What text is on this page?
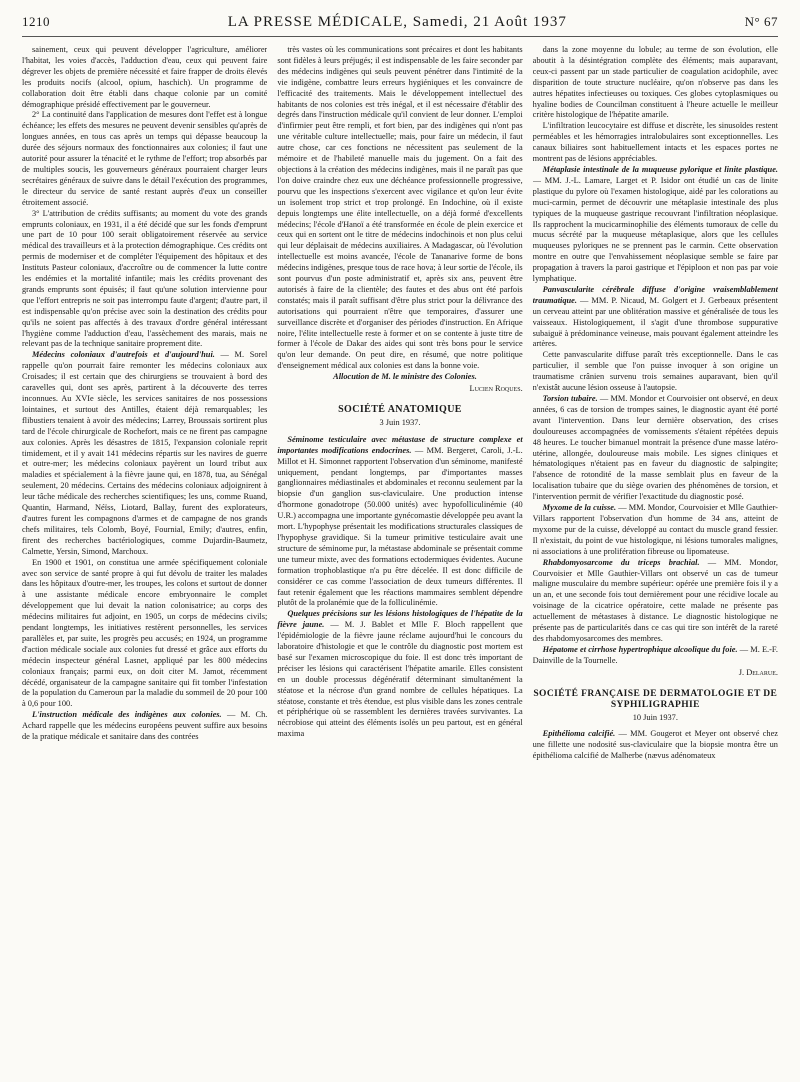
1210	LA PRESSE MÉDICALE, Samedi, 21 Août 1937	N° 67

sainement, ceux qui peuvent développer l'agriculture, améliorer l'habitat, les voies d'accès, l'adduction d'eau, ceux qui peuvent faire dégrever les objets de première nécessité et faire frapper de droits élevés les produits nocifs (alcool, opium, haschich). Un programme de collaboration doit être établi dans chaque colonie par un comité démographique présidé effectivement par le gouverneur.

2° La continuité dans l'application de mesures dont l'effet est à longue échéance; les effets des mesures ne peuvent devenir sensibles qu'après de longues années, en tous cas après un temps qui dépasse beaucoup la durée des séjours normaux des fonctionnaires aux colonies; il faut une autorité pour assurer la ténacité et le rythme de l'effort; trop absorbés par de multiples soucis, les gouverneurs généraux pourraient charger leurs secrétaires généraux de suivre dans le détail l'exécution des programmes, le directeur du service de santé restant auprès d'eux un conseiller étroitement associé.

3° L'attribution de crédits suffisants; au moment du vote des grands emprunts coloniaux, en 1931, il a été décidé que sur les fonds d'emprunt une part de 10 pour 100 serait obligatoirement réservée au service médical des travailleurs et à la protection démographique. Ces crédits ont permis de moderniser et de compléter l'équipement des hôpitaux et des Instituts Pasteur coloniaux, d'accroître ou de commencer la lutte contre les endémies et la mortalité infantile; mais les crédits provenant des grands emprunts sont épuisés; il faut qu'une solution intervienne pour que l'effort entrepris ne soit pas interrompu faute d'argent; d'autre part, il est indispensable qu'on précise avec soin la destination des crédits pour qu'ils ne soient pas affectés à des travaux d'ordre général intéressant l'hygiène comme l'adduction d'eau, l'assèchement des marais, mais ne relevant pas de la technique sanitaire proprement dite.

Médecins coloniaux d'autrefois et d'aujourd'hui. — M. Sorel rappelle qu'on pourrait faire remonter les médecins coloniaux aux Croisades; il est certain que des chirurgiens se trouvaient à bord des caravelles qui, dont ses après, partirent à la découverte des terres inconnues. Au XVIe siècle, les services sanitaires de nos possessions lointaines, et surtout des Antilles, étaient déjà remarquables; les flibustiers tenaient à avoir des médecins; Larrey, Broussais sortirent plus tard de l'école chirurgicale de Rochefort, mais ce ne firent pas campagne aux colonies. Après les désastres de 1815, l'expansion coloniale reprit timidement, et il y avait 141 médecins répartis sur les navires de guerre et outre-mer; les médecins coloniaux payèrent un lourd tribut aux maladies et spécialement à la fièvre jaune qui, en 1878, tua, au Sénégal seulement, 20 médecins. Certains des médecins coloniaux adjoignirent à leur tâche médicale des recherches scientifiques; les uns, comme Ruand, Quantin, Harmand, Néïss, Liotard, Ballay, furent des explorateurs, d'autres furent les compagnons d'armes et de campagne de nos grands chefs militaires, tels Colomb, Boyé, Fournial, Emily; d'autres, enfin, firent des recherches bactériologiques, comme Dujardin-Baumetz, Calmette, Yersin, Simond, Marchoux.

En 1900 et 1901, on constitua une armée spécifiquement coloniale avec son service de santé propre à qui fut dévolu de traiter les malades dans les hôpitaux d'outre-mer, les troupes, les colons et surtout de donner à une assistante médicale encore embryonnaire le complet développement que lui devait la nation colonisatrice; au corps des médecins militaires fut adjoint, en 1905, un corps de médecins civils; pendant longtemps, les initiatives restèrent personnelles, les services parallèles et, par suite, les progrès peu accusés; en 1924, un programme d'action médicale sociale aux colonies fut dressé et grâce aux efforts du médecin inspecteur général Lasnet, appliqué par les 800 médecins coloniaux français; parmi eux, on doit citer M. Jamot, récemment décédé, organisateur de la campagne sanitaire qui fit tomber l'infestation de la population du Cameroun par la maladie du sommeil de 20 pour 100 à 0,6 pour 100.

L'instruction médicale des indigènes aux colonies. — M. Ch. Achard rappelle que les médecins européens peuvent suffire aux besoins de la pratique médicale et sanitaire dans des contrées

très vastes où les communications sont précaires et dont les habitants sont fidèles à leurs préjugés; il est indispensable de les faire seconder par des médecins indigènes qui seuls peuvent pénétrer dans l'intimité de la vie indigène, combattre leurs erreurs hygiéniques et les convaincre de l'efficacité des traitements. Mais le développement intellectuel des habitants de nos colonies est très inégal, et il est nécessaire d'établir des degrés dans l'instruction médicale qu'il convient de leur donner. L'emploi d'infirmier peut être rempli, et fort bien, par des indigènes qui n'ont pas une véritable culture intellectuelle; mais, pour faire un médecin, il faut autre chose, car ces fonctions ne nécessitent pas seulement de la mémoire et de l'habileté manuelle mais du jugement. On a fait des objections à la création des médecins indigènes, mais il ne paraît pas que l'on doive craindre chez eux une déchéance professionnelle progressive, pourvu que les inspections s'exercent avec vigilance et qu'on leur évite un isolement trop strict et trop prolongé. En Indochine, où il existe depuis longtemps une élite intellectuelle, on a déjà formé d'excellents médecins; l'école d'Hanoï a été transformée en école de plein exercice et ceux qui en sortent ont le titre de médecins indochinois et non plus celui qui leur déplaisait de médecins auxiliaires. A Madagascar, où l'évolution intellectuelle est moins avancée, l'école de Tananarive forme de bons médecins indigènes, presque tous de race hova; à leur sortie de l'école, ils sont pourvus d'un poste administratif et, après six ans, peuvent être autorisés à faire de la clientèle; des fautes et des abus ont été parfois constatés; mais il paraît suffisant d'être plus strict pour la délivrance des autorisations qui pourraient n'être que temporaires, d'assurer une surveillance discrète et d'organiser des périodes d'instruction. En Afrique noire, l'élite intellectuelle reste à former et on se contente à juste titre de former à l'école de Dakar des aides qui sont très bons pour le service qu'on leur demande. On peut dire, en résumé, que notre politique d'enseignement médical aux colonies est dans la bonne voie.

Allocution de M. le ministre des Colonies.

Lucien Roques.
SOCIÉTÉ ANATOMIQUE
3 Juin 1937.

Séminome testiculaire avec métastase de structure complexe et importantes modifications endocrines. — MM. Bergeret, Caroli, J.-L. Millot et H. Simonnet rapportent l'observation d'un séminome, manifesté uniquement, pendant longtemps, par d'importantes masses ganglionnaires médiastinales et abdominales et reconnu seulement par la biopsie d'un ganglion sus-claviculaire. Une production intense d'hormone gonadotrope (50.000 unités) avec hypofolliculinémie (40 U.R.) accompagna une importante gynécomastie développée peu avant la mort. L'hypophyse présentait les modifications structurales classiques de l'hypophyse gravidique. Si la tumeur primitive testiculaire avait une structure de séminome pur, la métastase abdominale se présentait comme une tumeur mixte, avec des formations ectodermiques évidentes. Aucune formation trophoblastique n'a pu être décelée. Il est donc difficile de considérer ce cas comme l'association de deux tumeurs différentes. Il faut retenir également que les réactions mammaires semblent dépendre plutôt de la prolanémie que de la folliculinémie.

Quelques précisions sur les lésions histologiques de l'hépatite de la fièvre jaune. — M. J. Bablet et Mlle F. Bloch rappellent que l'épidémiologie de la fièvre jaune réclame aujourd'hui le concours du laboratoire d'histologie et que le contrôle du diagnostic post mortem est basé sur l'examen microscopique du foie. Il est donc très important de préciser les lésions qui caractérisent l'hépatite amarile. Elles consistent en un double processus dégénératif déterminant simultanément la stéatose et la nécrose d'un grand nombre de cellules hépatiques. La stéatose, constante et très étendue, est plus visible dans les zones centrale et périphérique où se rassemblent les dernières travées survivantes. La nécrobiose qui atteint des éléments isolés un peu partout, est en général maxima

dans la zone moyenne du lobule; au terme de son évolution, elle aboutit à la désintégration complète des éléments; mais auparavant, ceux-ci passent par un stade particulier de coagulation acidophile, avec disparition de toute structure nucléaire, qu'on n'observe pas dans les autres hépatites infectieuses ou toxiques. Ces globes cytoplasmiques ou hyaline bodies de Councilman constituent à l'heure actuelle le meilleur critère histologique de l'hépatite amarile.

L'infiltration leucocytaire est diffuse et discrète, les sinusoïdes restent perméables et les hémorragies intralobulaires sont exceptionnelles. Les canaux biliaires sont habituellement intacts et les espaces portes ne montrent pas de lésions appréciables.

Métaplasie intestinale de la muqueuse pylorique et linite plastique. — MM. J.-L. Lamare, Larget et P. Isidor ont étudié un cas de linite plastique du pylore où l'examen histologique, aidé par les colorations au muci-carmin, permet de découvrir une métaplasie intestinale des plus typiques de la muqueuse gastrique recouvrant l'infiltration néoplasique. Ils rapprochent la mucicarminophilie des éléments tumoraux de celle du mucus sécrété par la muqueuse métaplasique, alors que les cellules muqueuses pyloriques ne se prennent pas le carmin. Cette observation montre en outre que l'envahissement néoplasique semble se faire par propagation à travers la paroi gastrique et l'épiploon et non pas par voie lymphatique.

Panvascularite cérébrale diffuse d'origine vraisemblablement traumatique. — MM. P. Nicaud, M. Golgert et J. Gerbeaux présentent un cerveau atteint par une oblitération massive et généralisée de tous les vaisseaux. Histologiquement, il s'agit d'une thrombose suppurative subaiguë à prédominance veineuse, mais pouvant également atteindre les artères.

Cette panvascularite diffuse paraît très exceptionnelle. Dans le cas particulier, il semble que l'on puisse invoquer à son origine un traumatisme crânien survenu trois semaines auparavant, bien qu'il n'existât aucune lésion osseuse à l'autopsie.

Torsion tubaire. — MM. Mondor et Courvoisier ont observé, en deux années, 6 cas de torsion de trompes saines, le diagnostic ayant été porté avant l'intervention. Dans leur dernière observation, des crises douloureuses accompagnées de vomissements s'étaient répétées depuis 48 heures. Le toucher bimanuel montrait la présence d'une masse latéro-utérine, allongée, douloureuse mais mobile. Les signes cliniques et hématologiques n'étaient pas en faveur du diagnostic de salpingite; l'absence de rotondité de la masse semblait plus en faveur de la localisation tubaire que du siège ovarien des phénomènes de torsion, et l'intervention permit de vérifier l'exactitude du diagnostic posé.

Myxome de la cuisse. — MM. Mondor, Courvoisier et Mlle Gauthier-Villars rapportent l'observation d'un homme de 34 ans, atteint de myxome pur de la cuisse, développé au contact du muscle grand fessier. Il n'existait, du point de vue histologique, ni lésions tumorales malignes, ni associations à une prolifération fibreuse ou lipomateuse.

Rhabdomyosarcome du triceps brachial. — MM. Mondor, Courvoisier et Mlle Gauthier-Villars ont observé un cas de tumeur maligne musculaire du membre supérieur: opérée une première fois il y a un an, et une seconde fois tout dernièrement pour une récidive locale au voisinage de la cicatrice opératoire, cette malade ne présente pas actuellement de métastases à distance. Le diagnostic histologique ne présente pas de particularités dans ce cas qui tire son intérêt de la rareté des rhabdomyosarcomes des membres.

Hépatome et cirrhose hypertrophique alcoolique du foie. — M. E.-F. Dainville de la Tournelle.

J. Delarue.
SOCIÉTÉ FRANÇAISE DE DERMATOLOGIE ET DE SYPHILIGRAPHIE
10 Juin 1937.

Epithélioma calcifié. — MM. Gougerot et Meyer ont observé chez une fillette une nodosité sus-claviculaire que la biopsie montra être un épithélioma calcifié de Malherbe (nævus adénomateux
